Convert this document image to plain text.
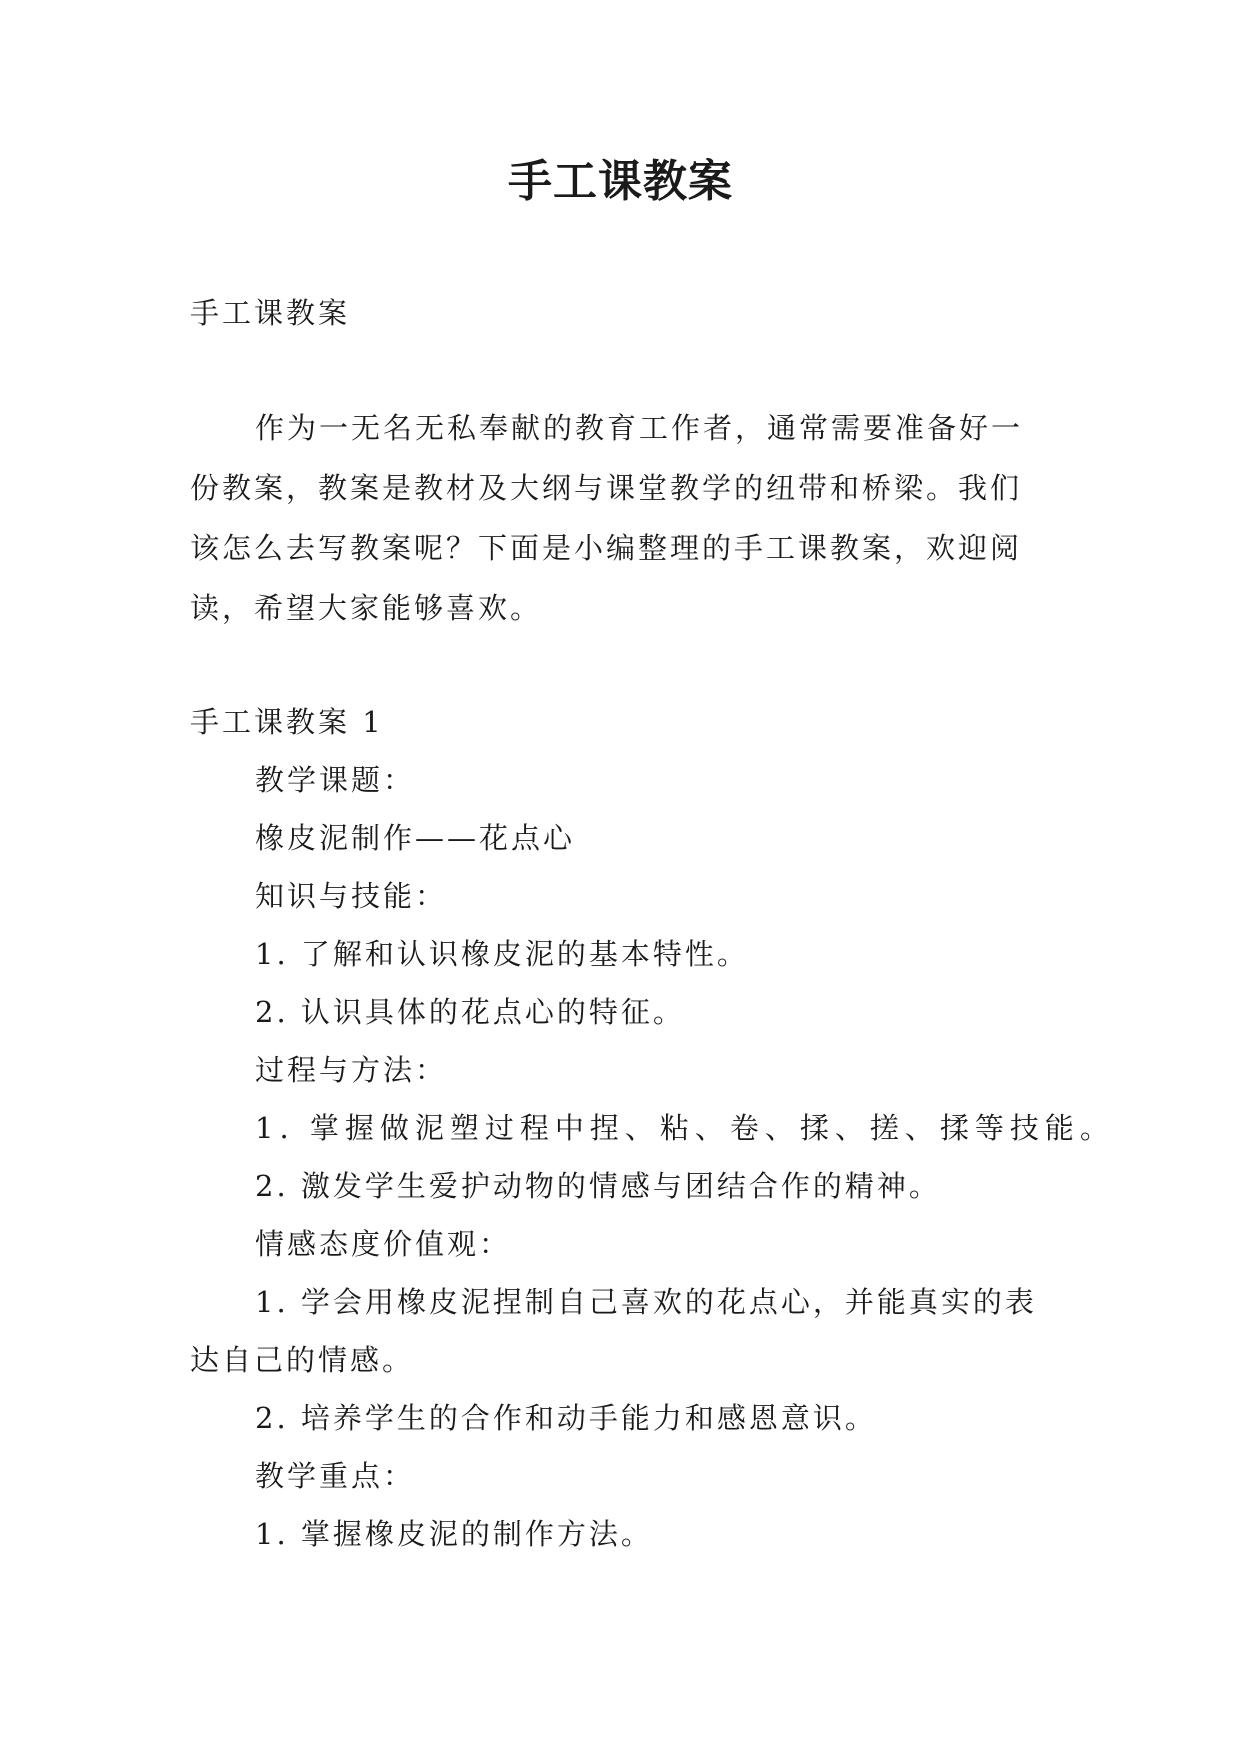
手工课教案
手工课教案
作为一无名无私奉献的教育工作者，通常需要准备好一
份教案，教案是教材及大纲与课堂教学的纽带和桥梁。我们
该怎么去写教案呢？下面是小编整理的手工课教案，欢迎阅
读，希望大家能够喜欢。
手工课教案 1
教学课题：
橡皮泥制作——花点心
知识与技能：
1. 了解和认识橡皮泥的基本特性。
2. 认识具体的花点心的特征。
过程与方法：
1. 掌握做泥塑过程中捏、粘、卷、揉、搓、揉等技能。
2. 激发学生爱护动物的情感与团结合作的精神。
情感态度价值观：
1. 学会用橡皮泥捏制自己喜欢的花点心，并能真实的表
达自己的情感。
2. 培养学生的合作和动手能力和感恩意识。
教学重点：
1. 掌握橡皮泥的制作方法。
